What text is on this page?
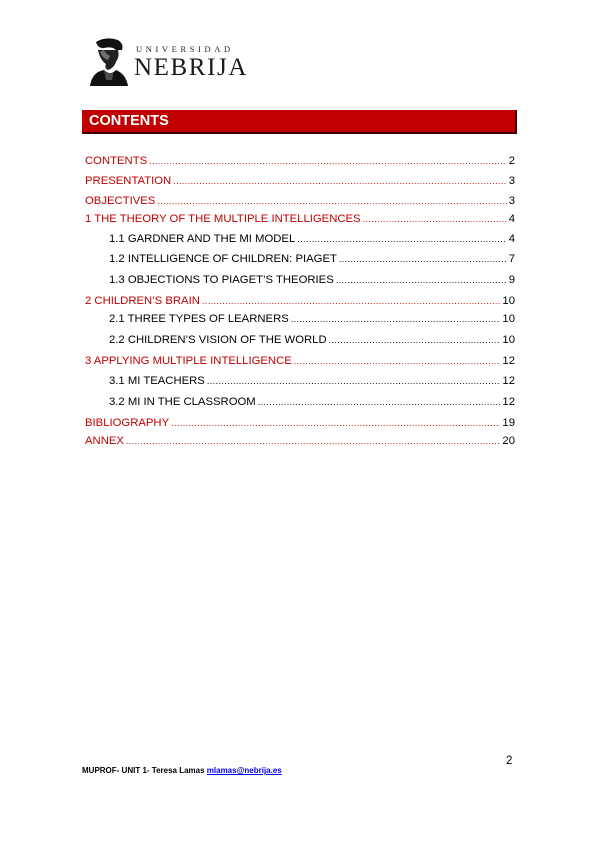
UNIVERSIDAD
NEBRIJA
CONTENTS
CONTENTS .....	2
PRESENTATION .....	3
OBJECTIVES .....	3
1 THE THEORY OF THE MULTIPLE INTELLIGENCES .....	4
1.1 GARDNER AND THE MI MODEL .....	4
1.2 INTELLIGENCE OF CHILDREN: PIAGET .....	7
1.3 OBJECTIONS TO PIAGET’S THEORIES .....	9
2 CHILDREN’S BRAIN .....	10
2.1 THREE TYPES OF LEARNERS .....	10
2.2 CHILDREN’S VISION OF THE WORLD .....	10
3 APPLYING MULTIPLE INTELLIGENCE .....	12
3.1 MI TEACHERS .....	12
3.2 MI IN THE CLASSROOM .....	12
BIBLIOGRAPHY .....	19
ANNEX .....	20
2
MUPROF- UNIT 1- Teresa Lamas mlamas@nebrija.es
